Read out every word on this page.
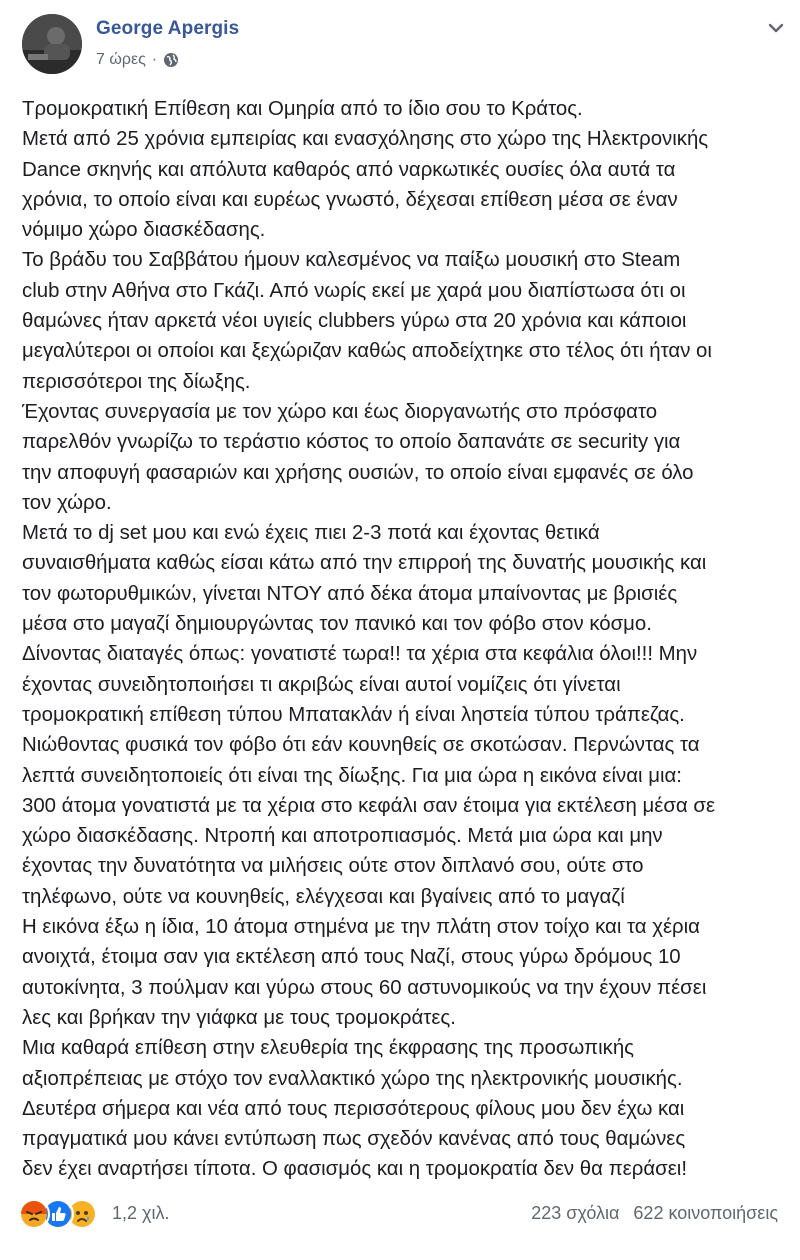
George Apergis
7 ώρες ·

Τρομοκρατική Επίθεση και Ομηρία από το ίδιο σου το Κράτος.

Μετά από 25 χρόνια εμπειρίας και ενασχόλησης στο χώρο της Ηλεκτρονικής

Dance σκηνής και απόλυτα καθαρός από ναρκωτικές ουσίες όλα αυτά τα

χρόνια, το οποίο είναι και ευρέως γνωστό, δέχεσαι επίθεση μέσα σε έναν

νόμιμο χώρο διασκέδασης.

Το βράδυ του Σαββάτου ήμουν καλεσμένος να παίξω μουσική στο Steam

club στην Αθήνα στο Γκάζι. Από νωρίς εκεί με χαρά μου διαπίστωσα ότι οι

θαμώνες ήταν αρκετά νέοι υγιείς clubbers γύρω στα 20 χρόνια και κάποιοι

μεγαλύτεροι οι οποίοι και ξεχώριζαν καθώς αποδείχτηκε στο τέλος ότι ήταν οι

περισσότεροι της δίωξης.

Έχοντας συνεργασία με τον χώρο και έως διοργανωτής στο πρόσφατο

παρελθόν γνωρίζω το τεράστιο κόστος το οποίο δαπανάτε σε security για

την αποφυγή φασαριών και χρήσης ουσιών, το οποίο είναι εμφανές σε όλο

τον χώρο.

Μετά το dj set μου και ενώ έχεις πιει 2-3 ποτά και έχοντας θετικά

συναισθήματα καθώς είσαι κάτω από την επιρροή της δυνατής μουσικής και

τον φωτορυθμικών, γίνεται ΝΤΟΥ από δέκα άτομα μπαίνοντας με βρισιές

μέσα στο μαγαζί δημιουργώντας τον πανικό και τον φόβο στον κόσμο.

Δίνοντας διαταγές όπως: γονατιστέ τωρα!! τα χέρια στα κεφάλια όλοι!!! Μην

έχοντας συνειδητοποιήσει τι ακριβώς είναι αυτοί νομίζεις ότι γίνεται

τρομοκρατική επίθεση τύπου Μπατακλάν ή είναι ληστεία τύπου τράπεζας.

Νιώθοντας φυσικά τον φόβο ότι εάν κουνηθείς σε σκοτώσαν. Περνώντας τα

λεπτά συνειδητοποιείς ότι είναι της δίωξης. Για μια ώρα η εικόνα είναι μια:

300 άτομα γονατιστά με τα χέρια στο κεφάλι σαν έτοιμα για εκτέλεση μέσα σε

χώρο διασκέδασης. Ντροπή και αποτροπιασμός. Μετά μια ώρα και μην

έχοντας την δυνατότητα να μιλήσεις ούτε στον διπλανό σου, ούτε στο

τηλέφωνο, ούτε να κουνηθείς, ελέγχεσαι και βγαίνεις από το μαγαζί

Η εικόνα έξω η ίδια, 10 άτομα στημένα με την πλάτη στον τοίχο και τα χέρια

ανοιχτά, έτοιμα σαν για εκτέλεση από τους Ναζί, στους γύρω δρόμους 10

αυτοκίνητα, 3 πούλμαν και γύρω στους 60 αστυνομικούς να την έχουν πέσει

λες και βρήκαν την γιάφκα με τους τρομοκράτες.

Μια καθαρά επίθεση στην ελευθερία της έκφρασης της προσωπικής

αξιοπρέπειας με στόχο τον εναλλακτικό χώρο της ηλεκτρονικής μουσικής.

Δευτέρα σήμερα και νέα από τους περισσότερους φίλους μου δεν έχω και

πραγματικά μου κάνει εντύπωση πως σχεδόν κανένας από τους θαμώνες

δεν έχει αναρτήσει τίποτα. Ο φασισμός και η τρομοκρατία δεν θα περάσει!

1,2 χιλ.	223 σχόλια 622 κοινοποιήσεις
